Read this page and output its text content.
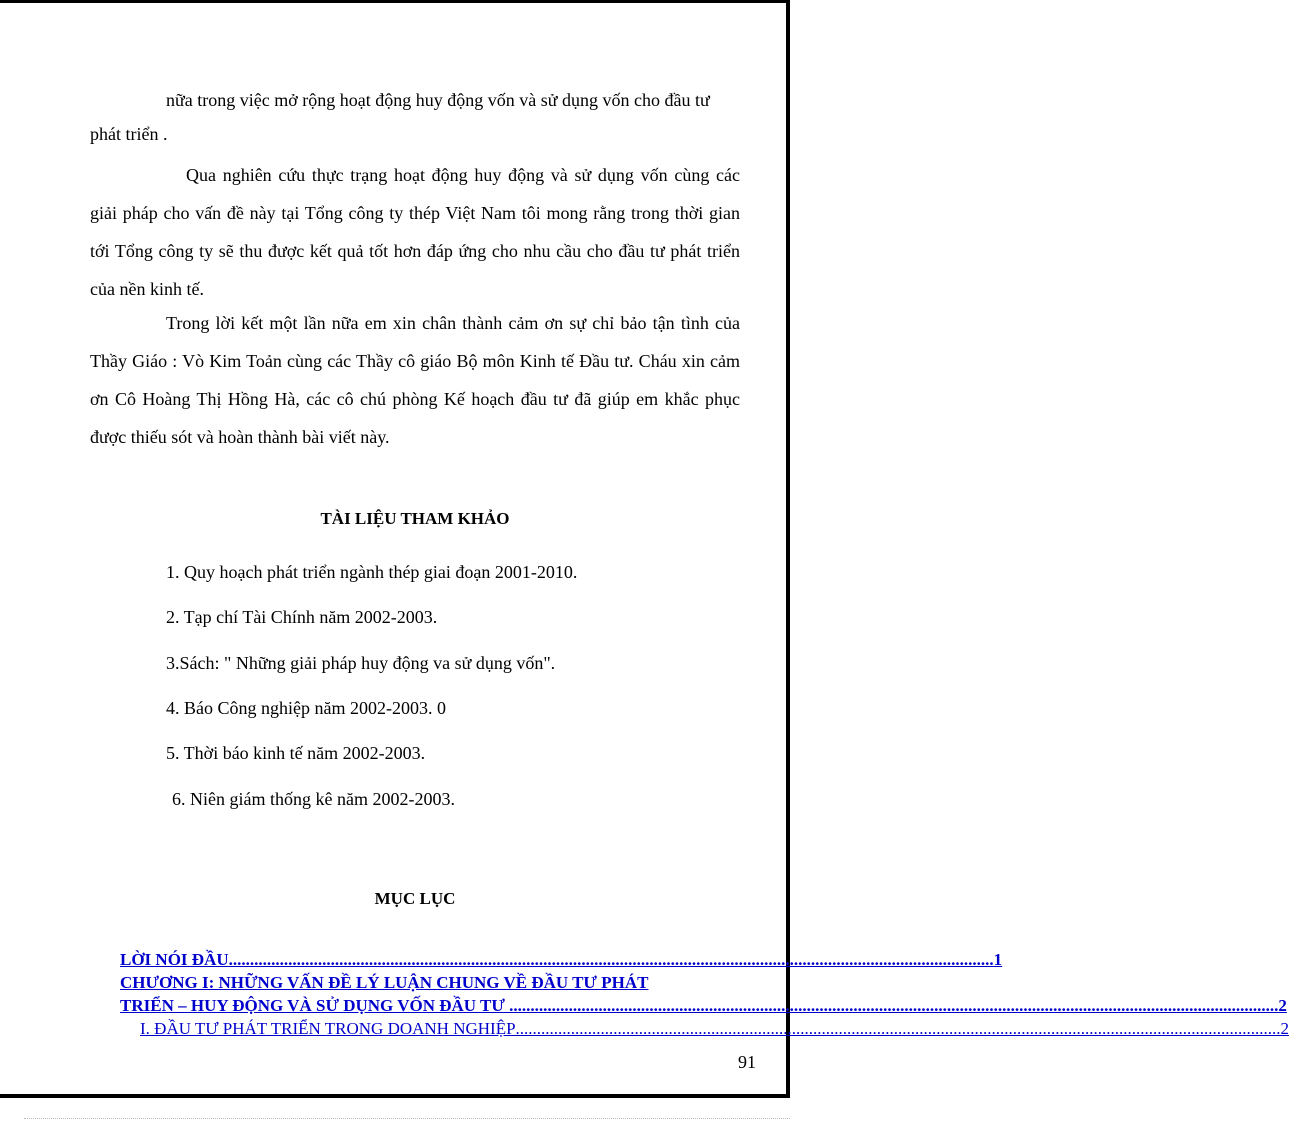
nữa trong việc mở rộng hoạt động huy động vốn và sử dụng vốn cho đầu tư

phát triển .

Qua nghiên cứu thực trạng hoạt động huy động và sử dụng vốn cùng các giải pháp cho vấn đề này tại Tổng công ty thép Việt Nam tôi mong rằng trong thời gian tới Tổng công ty sẽ thu được kết quả tốt hơn đáp ứng cho nhu cầu cho đầu tư phát triển của nền kinh tế.

Trong lời kết một lần nữa em xin chân thành cảm ơn sự chỉ bảo tận tình của Thầy Giáo : Vò Kim Toản cùng các Thầy cô giáo Bộ môn Kinh tế Đầu tư. Cháu xin cảm ơn Cô Hoàng Thị Hồng Hà, các cô chú phòng Kế hoạch đầu tư đã giúp em khắc phục được thiếu sót và hoàn thành bài viết này.

TÀI LIỆU THAM KHẢO
1. Quy hoạch phát triển ngành thép giai đoạn 2001-2010.
2. Tạp chí Tài Chính năm 2002-2003.
3.Sách: " Những giải pháp huy động va sử dụng vốn".
4. Báo Công nghiệp năm 2002-2003. 0
5. Thời báo kinh tế năm 2002-2003.
6. Niên giám thống kê năm 2002-2003.
MỤC LỤC
LỜI NÓI ĐẦU .................................................................................................................................................................................... 1
CHƯƠNG I: NHỮNG VẤN ĐỀ LÝ LUẬN CHUNG VỀ ĐẦU TƯ PHÁT
TRIỂN – HUY ĐỘNG VÀ SỬ DỤNG VỐN ĐẦU TƯ . .................................................................................................................................................................................... 2
I. ĐẦU TƯ PHÁT TRIỂN TRONG DOANH NGHIỆP .................................................................................................................................................................................... 2
91
